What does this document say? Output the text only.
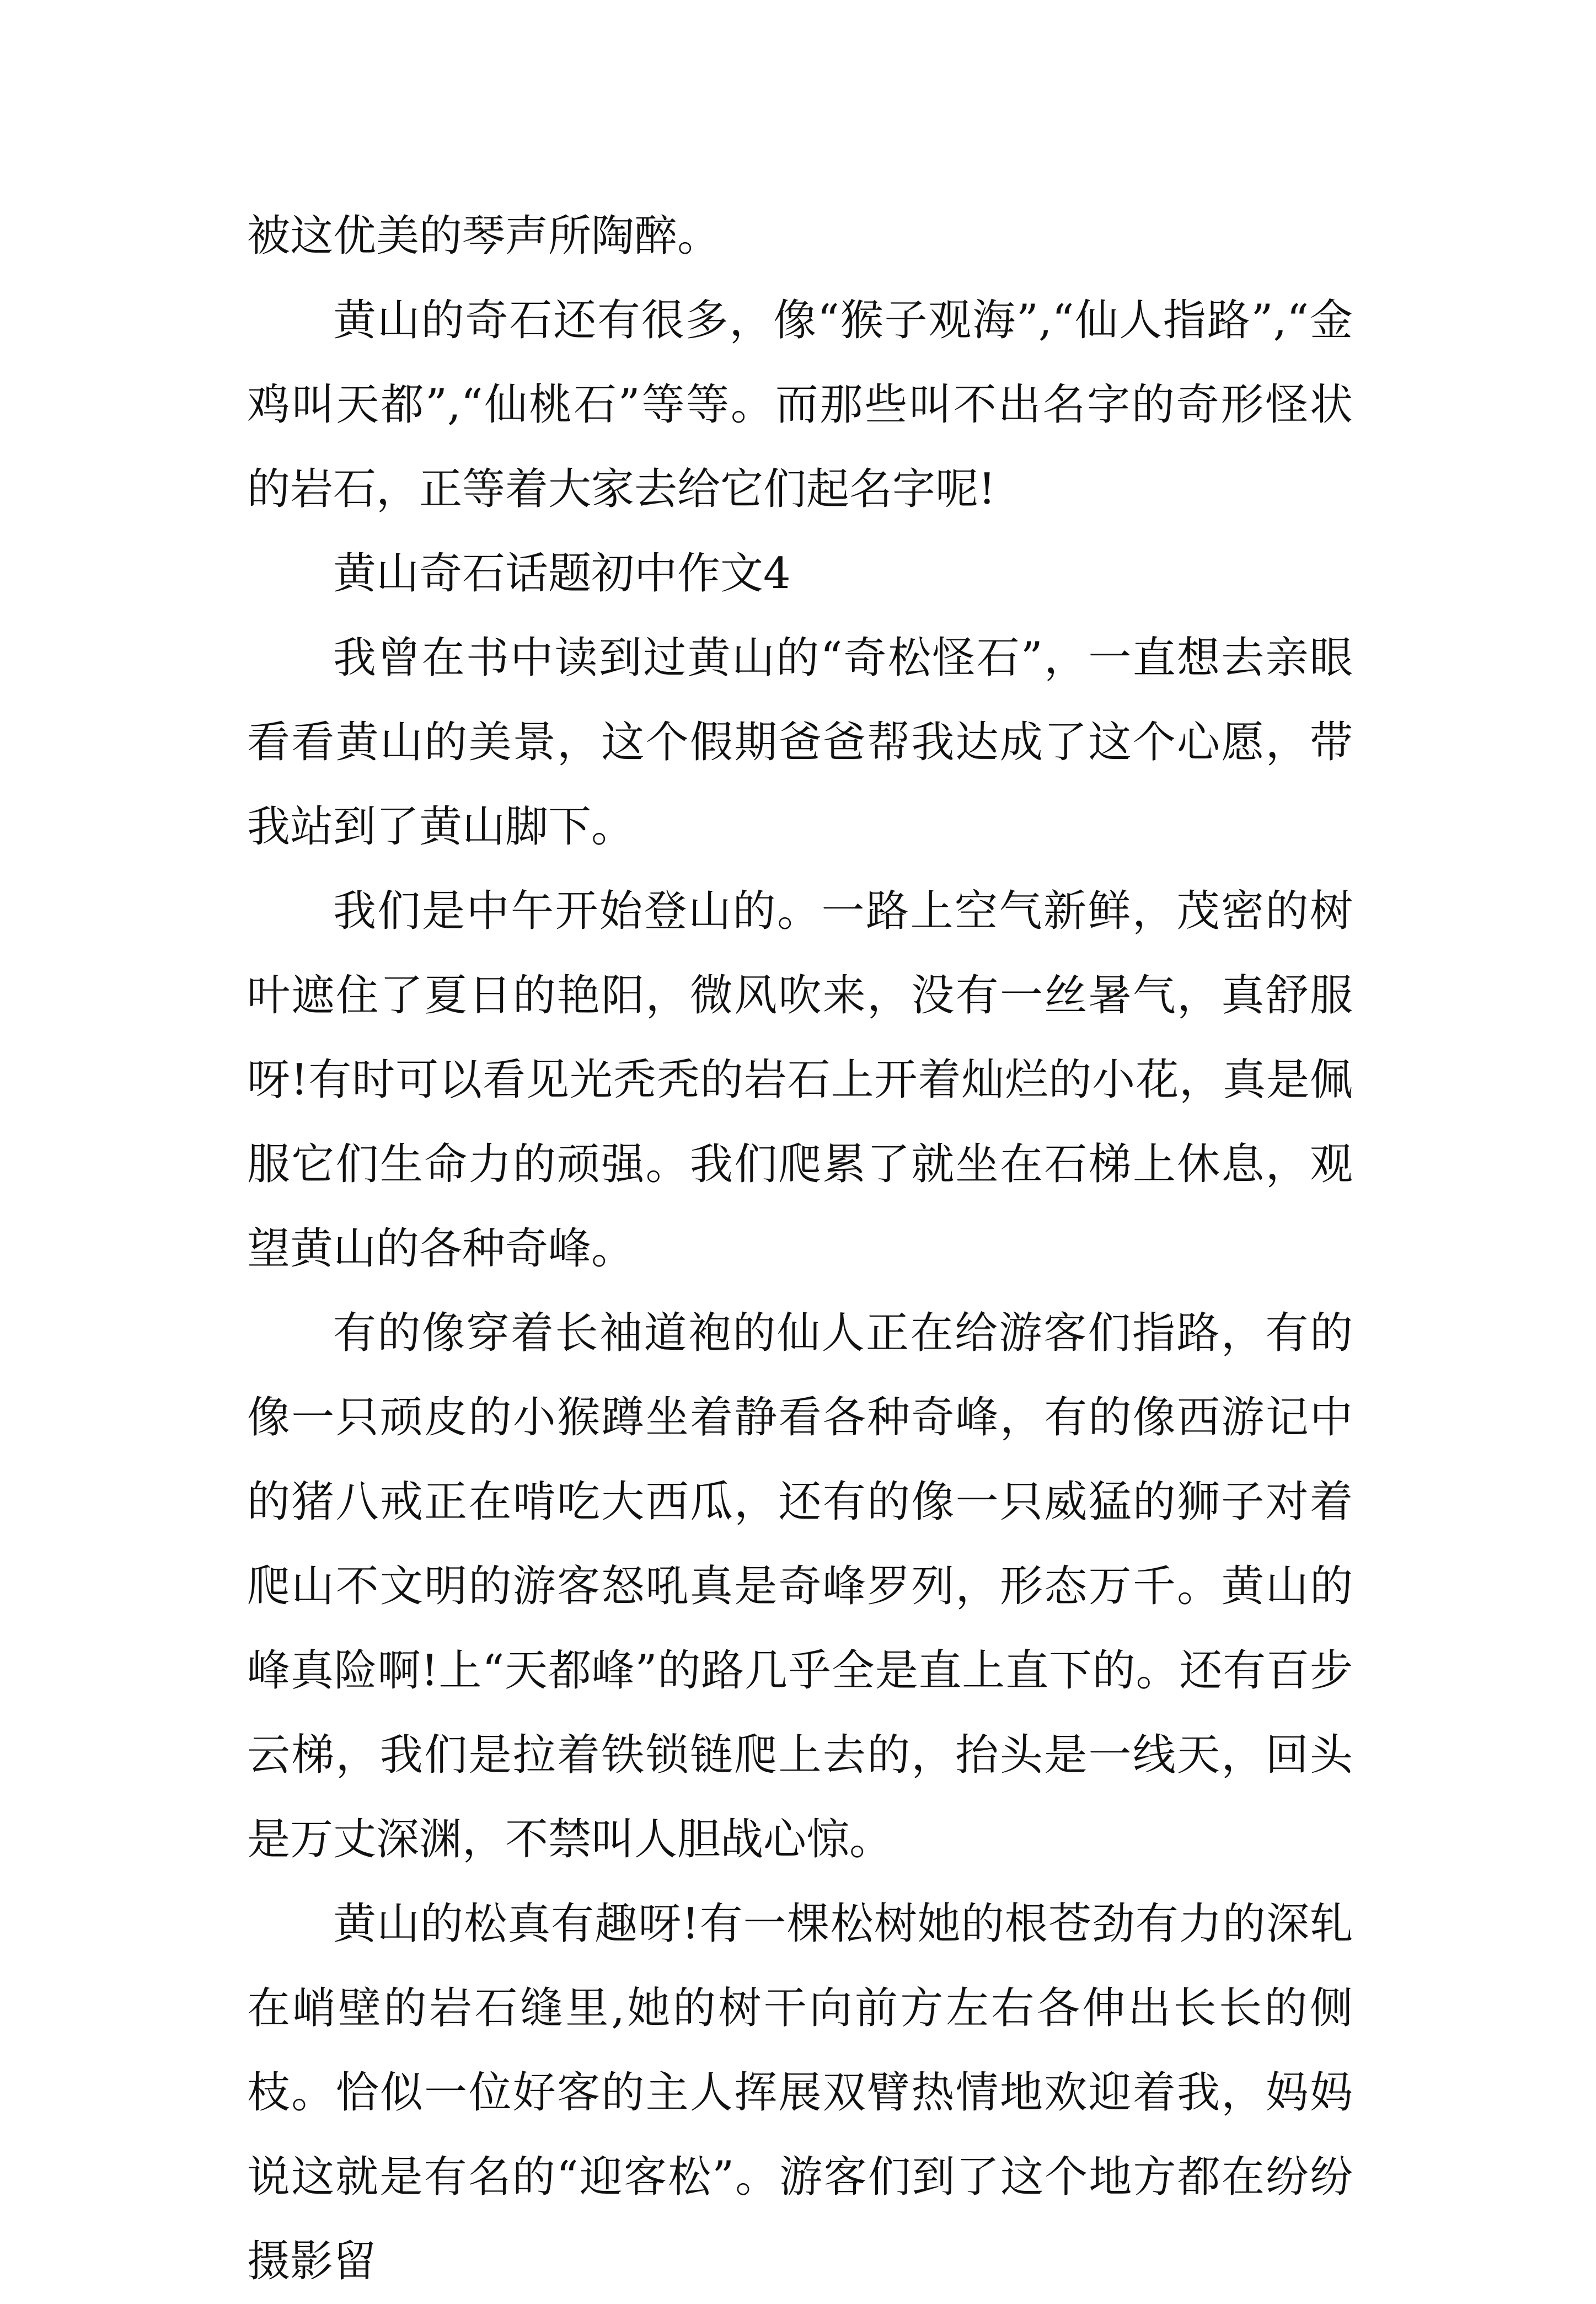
被这优美的琴声所陶醉。

黄山的奇石还有很多，像“猴子观海”,“仙人指路”,“金鸡叫天都”,“仙桃石”等等。而那些叫不出名字的奇形怪状的岩石，正等着大家去给它们起名字呢!

黄山奇石话题初中作文4

我曾在书中读到过黄山的“奇松怪石”，一直想去亲眼看看黄山的美景，这个假期爸爸帮我达成了这个心愿，带我站到了黄山脚下。

我们是中午开始登山的。一路上空气新鲜，茂密的树叶遮住了夏日的艳阳，微风吹来，没有一丝暑气，真舒服呀!有时可以看见光秃秃的岩石上开着灿烂的小花，真是佩服它们生命力的顽强。我们爬累了就坐在石梯上休息，观望黄山的各种奇峰。

有的像穿着长袖道袍的仙人正在给游客们指路，有的像一只顽皮的小猴蹲坐着静看各种奇峰，有的像西游记中的猪八戒正在啃吃大西瓜，还有的像一只威猛的狮子对着爬山不文明的游客怒吼真是奇峰罗列，形态万千。黄山的峰真险啊!上“天都峰”的路几乎全是直上直下的。还有百步云梯，我们是拉着铁锁链爬上去的，抬头是一线天，回头是万丈深渊，不禁叫人胆战心惊。

黄山的松真有趣呀!有一棵松树她的根苍劲有力的深轧在峭壁的岩石缝里,她的树干向前方左右各伸出长长的侧枝。恰似一位好客的主人挥展双臂热情地欢迎着我，妈妈说这就是有名的“迎客松”。游客们到了这个地方都在纷纷摄影留
